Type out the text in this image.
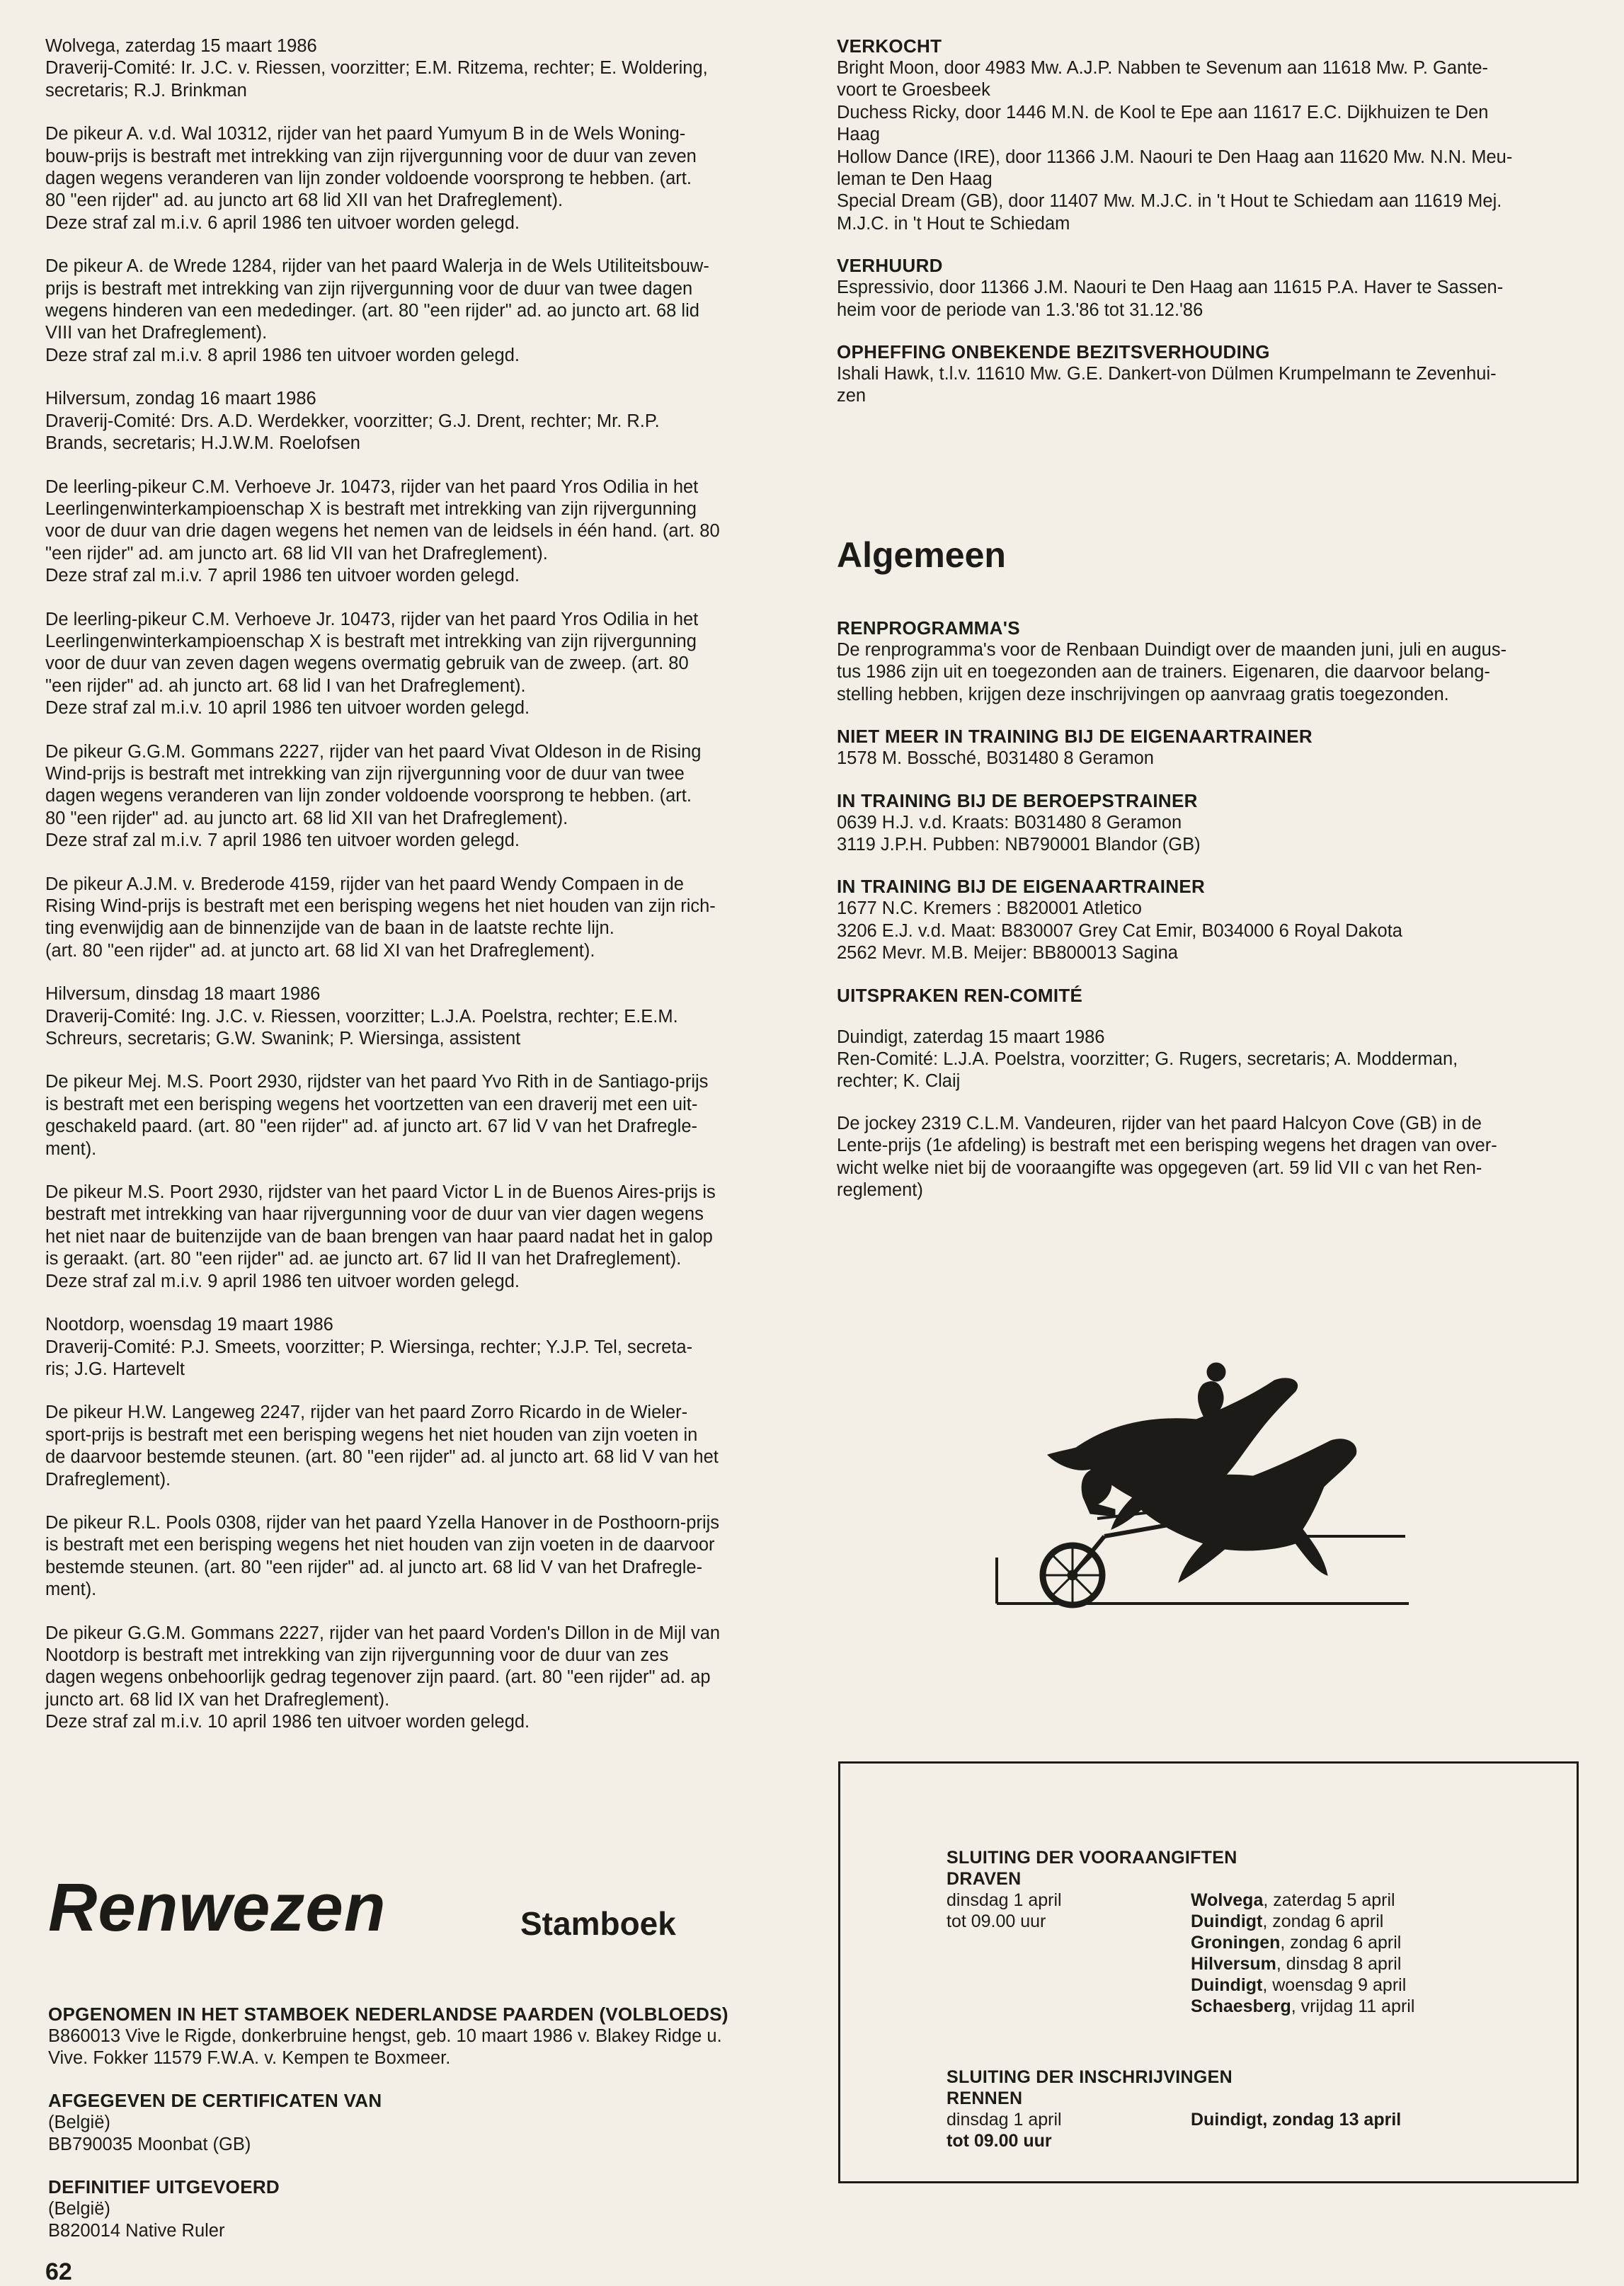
Wolvega, zaterdag 15 maart 1986
Draverij-Comité: Ir. J.C. v. Riessen, voorzitter; E.M. Ritzema, rechter; E. Woldering,
secretaris; R.J. Brinkman
De pikeur A. v.d. Wal 10312, rijder van het paard Yumyum B in de Wels Woning-
bouw-prijs is bestraft met intrekking van zijn rijvergunning voor de duur van zeven
dagen wegens veranderen van lijn zonder voldoende voorsprong te hebben. (art.
80 "een rijder" ad. au juncto art 68 lid XII van het Drafreglement).
Deze straf zal m.i.v. 6 april 1986 ten uitvoer worden gelegd.
De pikeur A. de Wrede 1284, rijder van het paard Walerja in de Wels Utiliteitsbouw-
prijs is bestraft met intrekking van zijn rijvergunning voor de duur van twee dagen
wegens hinderen van een mededinger. (art. 80 "een rijder" ad. ao juncto art. 68 lid
VIII van het Drafreglement).
Deze straf zal m.i.v. 8 april 1986 ten uitvoer worden gelegd.
Hilversum, zondag 16 maart 1986
Draverij-Comité: Drs. A.D. Werdekker, voorzitter; G.J. Drent, rechter; Mr. R.P.
Brands, secretaris; H.J.W.M. Roelofsen
De leerling-pikeur C.M. Verhoeve Jr. 10473, rijder van het paard Yros Odilia in het
Leerlingenwinterkampioenschap X is bestraft met intrekking van zijn rijvergunning
voor de duur van drie dagen wegens het nemen van de leidsels in één hand. (art. 80
"een rijder" ad. am juncto art. 68 lid VII van het Drafreglement).
Deze straf zal m.i.v. 7 april 1986 ten uitvoer worden gelegd.
De leerling-pikeur C.M. Verhoeve Jr. 10473, rijder van het paard Yros Odilia in het
Leerlingenwinterkampioenschap X is bestraft met intrekking van zijn rijvergunning
voor de duur van zeven dagen wegens overmatig gebruik van de zweep. (art. 80
"een rijder" ad. ah juncto art. 68 lid I van het Drafreglement).
Deze straf zal m.i.v. 10 april 1986 ten uitvoer worden gelegd.
De pikeur G.G.M. Gommans 2227, rijder van het paard Vivat Oldeson in de Rising
Wind-prijs is bestraft met intrekking van zijn rijvergunning voor de duur van twee
dagen wegens veranderen van lijn zonder voldoende voorsprong te hebben. (art.
80 "een rijder" ad. au juncto art. 68 lid XII van het Drafreglement).
Deze straf zal m.i.v. 7 april 1986 ten uitvoer worden gelegd.
De pikeur A.J.M. v. Brederode 4159, rijder van het paard Wendy Compaen in de
Rising Wind-prijs is bestraft met een berisping wegens het niet houden van zijn rich-
ting evenwijdig aan de binnenzijde van de baan in de laatste rechte lijn.
(art. 80 "een rijder" ad. at juncto art. 68 lid XI van het Drafreglement).
Hilversum, dinsdag 18 maart 1986
Draverij-Comité: Ing. J.C. v. Riessen, voorzitter; L.J.A. Poelstra, rechter; E.E.M.
Schreurs, secretaris; G.W. Swanink; P. Wiersinga, assistent
De pikeur Mej. M.S. Poort 2930, rijdster van het paard Yvo Rith in de Santiago-prijs
is bestraft met een berisping wegens het voortzetten van een draverij met een uit-
geschakeld paard. (art. 80 "een rijder" ad. af juncto art. 67 lid V van het Drafregle-
ment).
De pikeur M.S. Poort 2930, rijdster van het paard Victor L in de Buenos Aires-prijs is
bestraft met intrekking van haar rijvergunning voor de duur van vier dagen wegens
het niet naar de buitenzijde van de baan brengen van haar paard nadat het in galop
is geraakt. (art. 80 "een rijder" ad. ae juncto art. 67 lid II van het Drafreglement).
Deze straf zal m.i.v. 9 april 1986 ten uitvoer worden gelegd.
Nootdorp, woensdag 19 maart 1986
Draverij-Comité: P.J. Smeets, voorzitter; P. Wiersinga, rechter; Y.J.P. Tel, secreta-
ris; J.G. Hartevelt
De pikeur H.W. Langeweg 2247, rijder van het paard Zorro Ricardo in de Wieler-
sport-prijs is bestraft met een berisping wegens het niet houden van zijn voeten in
de daarvoor bestemde steunen. (art. 80 "een rijder" ad. al juncto art. 68 lid V van het
Drafreglement).
De pikeur R.L. Pools 0308, rijder van het paard Yzella Hanover in de Posthoorn-prijs
is bestraft met een berisping wegens het niet houden van zijn voeten in de daarvoor
bestemde steunen. (art. 80 "een rijder" ad. al juncto art. 68 lid V van het Drafregle-
ment).
De pikeur G.G.M. Gommans 2227, rijder van het paard Vorden's Dillon in de Mijl van
Nootdorp is bestraft met intrekking van zijn rijvergunning voor de duur van zes
dagen wegens onbehoorlijk gedrag tegenover zijn paard. (art. 80 "een rijder" ad. ap
juncto art. 68 lid IX van het Drafreglement).
Deze straf zal m.i.v. 10 april 1986 ten uitvoer worden gelegd.
VERKOCHT
Bright Moon, door 4983 Mw. A.J.P. Nabben te Sevenum aan 11618 Mw. P. Gante-
voort te Groesbeek
Duchess Ricky, door 1446 M.N. de Kool te Epe aan 11617 E.C. Dijkhuizen te Den
Haag
Hollow Dance (IRE), door 11366 J.M. Naouri te Den Haag aan 11620 Mw. N.N. Meu-
leman te Den Haag
Special Dream (GB), door 11407 Mw. M.J.C. in 't Hout te Schiedam aan 11619 Mej.
M.J.C. in 't Hout te Schiedam
VERHUURD
Espressivio, door 11366 J.M. Naouri te Den Haag aan 11615 P.A. Haver te Sassen-
heim voor de periode van 1.3.'86 tot 31.12.'86
OPHEFFING ONBEKENDE BEZITSVERHOUDING
Ishali Hawk, t.l.v. 11610 Mw. G.E. Dankert-von Dülmen Krumpelmann te Zevenhui-
zen
Algemeen
RENPROGRAMMA'S
De renprogramma's voor de Renbaan Duindigt over de maanden juni, juli en augus-
tus 1986 zijn uit en toegezonden aan de trainers. Eigenaren, die daarvoor belang-
stelling hebben, krijgen deze inschrijvingen op aanvraag gratis toegezonden.
NIET MEER IN TRAINING BIJ DE EIGENAARTRAINER
1578 M. Bossché, B031480 8 Geramon
IN TRAINING BIJ DE BEROEPSTRAINER
0639 H.J. v.d. Kraats: B031480 8 Geramon
3119 J.P.H. Pubben: NB790001 Blandor (GB)
IN TRAINING BIJ DE EIGENAARTRAINER
1677 N.C. Kremers : B820001 Atletico
3206 E.J. v.d. Maat: B830007 Grey Cat Emir, B034000 6 Royal Dakota
2562 Mevr. M.B. Meijer: BB800013 Sagina
UITSPRAKEN REN-COMITÉ
Duindigt, zaterdag 15 maart 1986
Ren-Comité: L.J.A. Poelstra, voorzitter; G. Rugers, secretaris; A. Modderman,
rechter; K. Claij
De jockey 2319 C.L.M. Vandeuren, rijder van het paard Halcyon Cove (GB) in de
Lente-prijs (1e afdeling) is bestraft met een berisping wegens het dragen van over-
wicht welke niet bij de vooraangifte was opgegeven (art. 59 lid VII c van het Ren-
reglement)
SLUITING DER VOORAANGIFTEN
DRAVEN
dinsdag 1 april
tot 09.00 uur
Wolvega, zaterdag 5 april
Duindigt, zondag 6 april
Groningen, zondag 6 april
Hilversum, dinsdag 8 april
Duindigt, woensdag 9 april
Schaesberg, vrijdag 11 april
SLUITING DER INSCHRIJVINGEN
RENNEN
dinsdag 1 april
tot 09.00 uur
Duindigt, zondag 13 april
Renwezen	Stamboek
OPGENOMEN IN HET STAMBOEK NEDERLANDSE PAARDEN (VOLBLOEDS)
B860013 Vive le Rigde, donkerbruine hengst, geb. 10 maart 1986 v. Blakey Ridge u.
Vive. Fokker 11579 F.W.A. v. Kempen te Boxmeer.
AFGEGEVEN DE CERTIFICATEN VAN
(België)
BB790035 Moonbat (GB)
DEFINITIEF UITGEVOERD
(België)
B820014 Native Ruler
62
